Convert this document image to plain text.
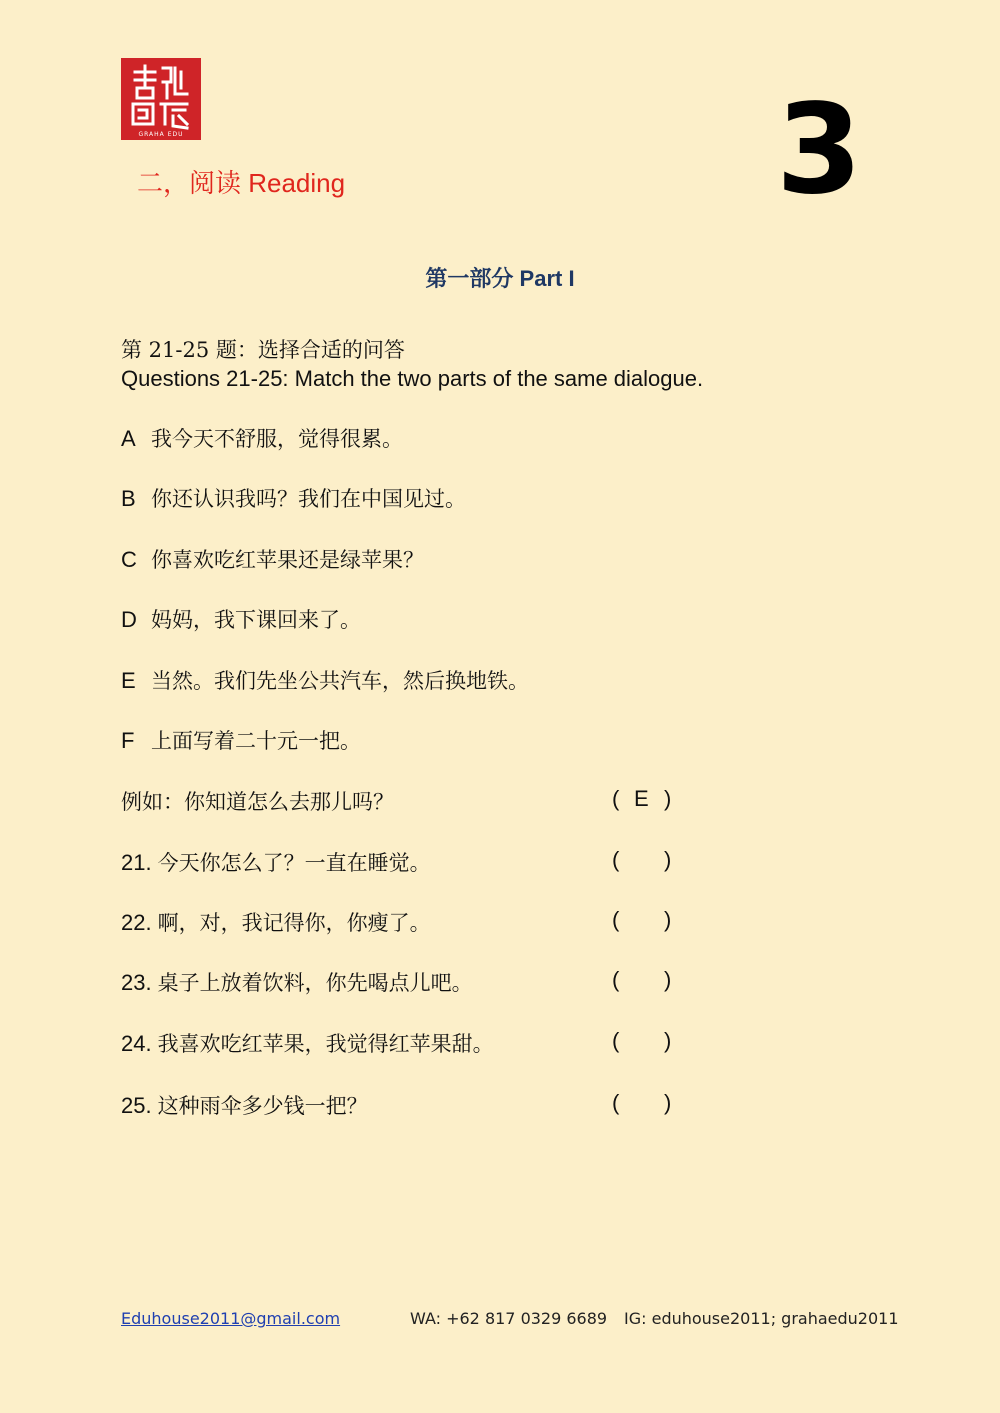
GRAHA EDU
二，阅读 Reading	3
第一部分 Part I
第 21-25 题：选择合适的问答
Questions 21-25: Match the two parts of the same dialogue.
A 我今天不舒服，觉得很累。
B 你还认识我吗？我们在中国见过。
C 你喜欢吃红苹果还是绿苹果？
D 妈妈，我下课回来了。
E 当然。我们先坐公共汽车，然后换地铁。
F 上面写着二十元一把。
例如：你知道怎么去那儿吗？	( E )
21. 今天你怎么了？一直在睡觉。	( )
22. 啊，对，我记得你，你瘦了。	( )
23. 桌子上放着饮料，你先喝点儿吧。	( )
24. 我喜欢吃红苹果，我觉得红苹果甜。	( )
25. 这种雨伞多少钱一把？	( )
Eduhouse2011@gmail.com	WA: +62 817 0329 6689 IG: eduhouse2011; grahaedu2011
